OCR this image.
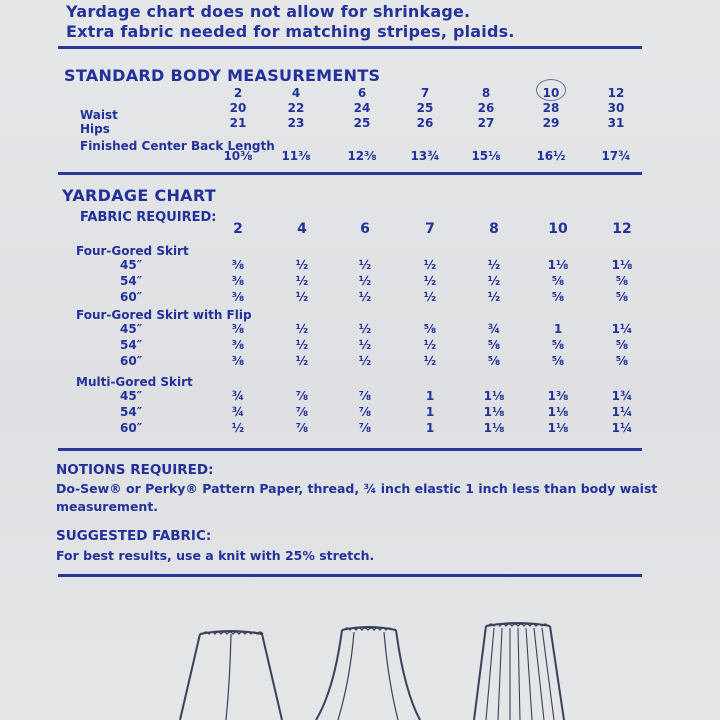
Yardage chart does not allow for shrinkage.
Extra fabric needed for matching stripes, plaids.
STANDARD BODY MEASUREMENTS
2	4	6	7	8	10	12
Waist
Hips
20	22	24	25	26	28	30
21	23	25	26	27	29	31
Finished Center Back Length
10⅜	11⅜	12⅜	13¾	15⅛	16½	17¾
YARDAGE CHART
FABRIC REQUIRED:
2	4	6	7	8	10	12
Four-Gored Skirt
45″	⅜	½	½	½	½	1⅛	1⅛
54″	⅜	½	½	½	½	⅝	⅝
60″	⅜	½	½	½	½	⅝	⅝
Four-Gored Skirt with Flip
45″	⅜	½	½	⅝	¾	1	1¼
54″	⅜	½	½	½	⅝	⅝	⅝
60″	⅜	½	½	½	⅝	⅝	⅝
Multi-Gored Skirt
45″	¾	⅞	⅞	1	1⅛	1⅜	1¾
54″	¾	⅞	⅞	1	1⅛	1⅛	1¼
60″	½	⅞	⅞	1	1⅛	1⅛	1¼
NOTIONS REQUIRED:
Do-Sew® or Perky® Pattern Paper, thread, ¾ inch elastic 1 inch less than body waist
measurement.
SUGGESTED FABRIC:
For best results, use a knit with 25% stretch.
